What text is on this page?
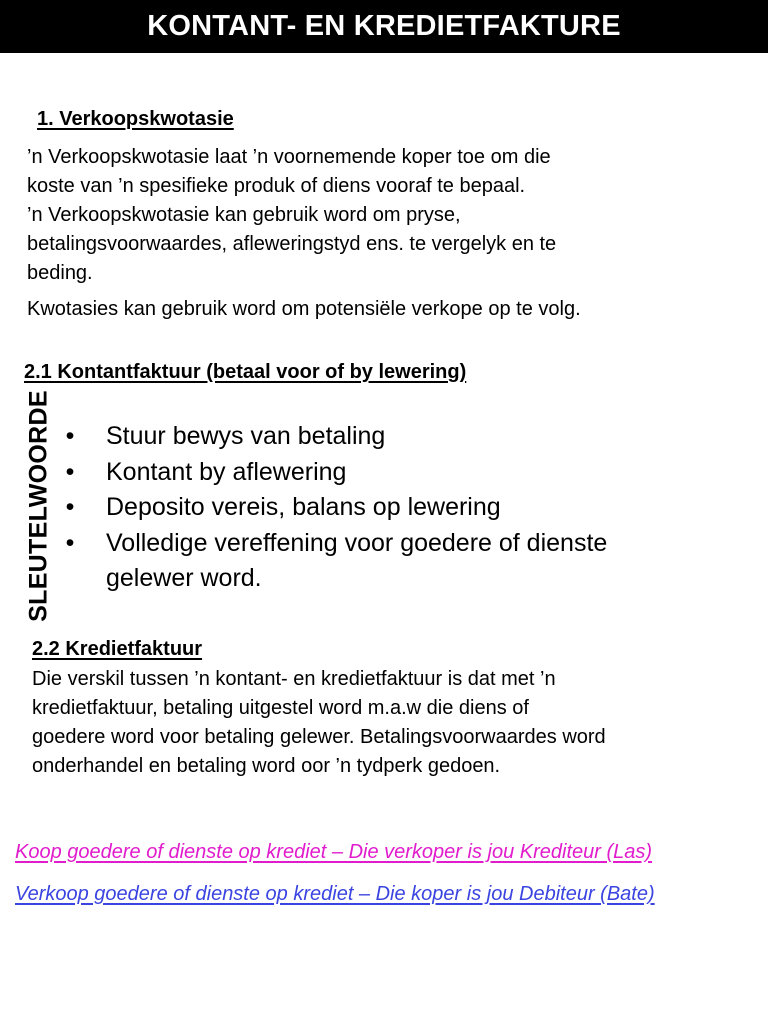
KONTANT- EN KREDIETFAKTURE
1. Verkoopskwotasie
’n Verkoopskwotasie laat ’n voornemende koper toe om die
koste van ’n spesifieke produk of diens vooraf te bepaal.
’n Verkoopskwotasie kan gebruik word om pryse,
betalingsvoorwaardes, afleweringstyd ens. te vergelyk en te
beding.
Kwotasies kan gebruik word om potensiële verkope op te volg.
2.1 Kontantfaktuur (betaal voor of by lewering)
SLEUTELWOORDE •	Stuur bewys van betaling
•	Kontant by aflewering
•	Deposito vereis, balans op lewering
•	Volledige vereffening voor goedere of dienste
gelewer word.
2.2 Kredietfaktuur
Die verskil tussen ’n kontant- en kredietfaktuur is dat met ’n
kredietfaktuur, betaling uitgestel word m.a.w die diens of
goedere word voor betaling gelewer. Betalingsvoorwaardes word
onderhandel en betaling word oor ’n tydperk gedoen.
Koop goedere of dienste op krediet – Die verkoper is jou Krediteur (Las)
Verkoop goedere of dienste op krediet – Die koper is jou Debiteur (Bate)
